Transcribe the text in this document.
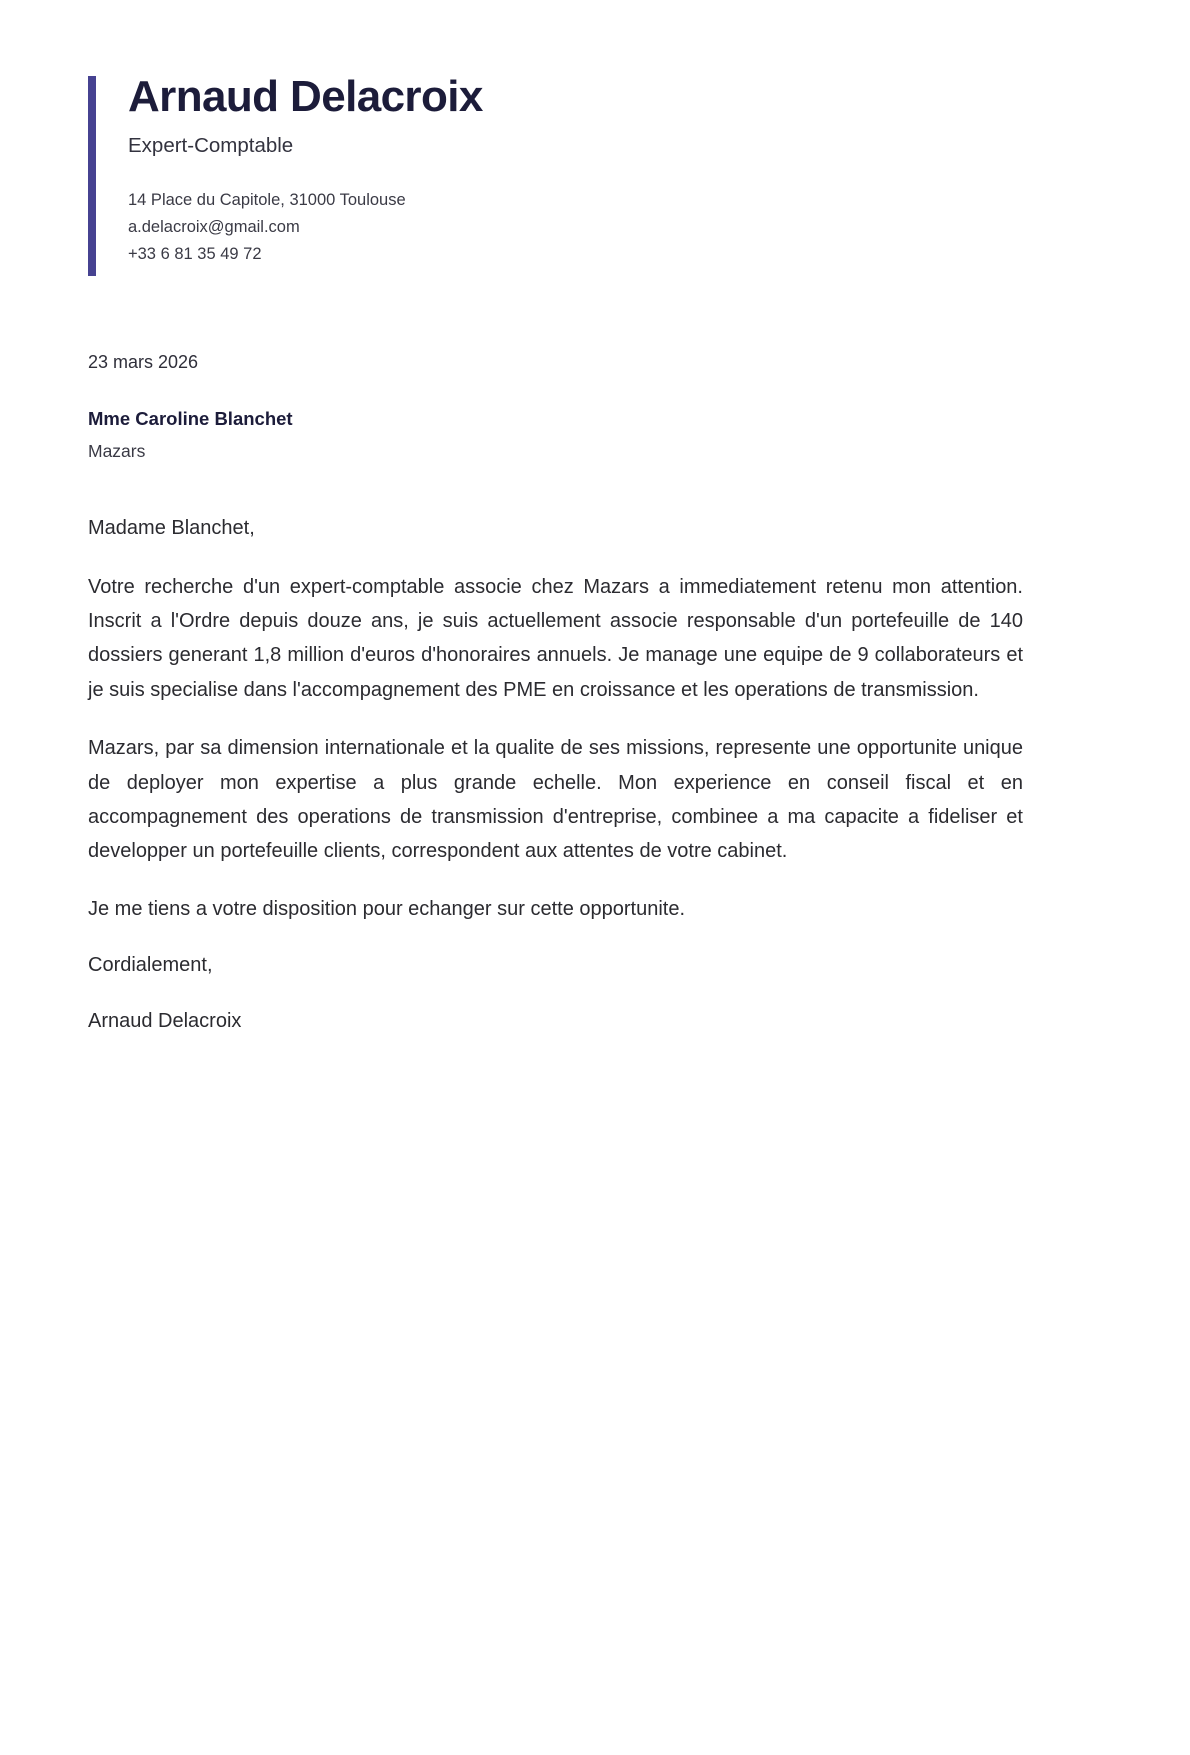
Arnaud Delacroix
Expert-Comptable
14 Place du Capitole, 31000 Toulouse
a.delacroix@gmail.com
+33 6 81 35 49 72
23 mars 2026
Mme Caroline Blanchet
Mazars

Madame Blanchet,

Votre recherche d'un expert-comptable associe chez Mazars a immediatement retenu mon attention. Inscrit a l'Ordre depuis douze ans, je suis actuellement associe responsable d'un portefeuille de 140 dossiers generant 1,8 million d'euros d'honoraires annuels. Je manage une equipe de 9 collaborateurs et je suis specialise dans l'accompagnement des PME en croissance et les operations de transmission.

Mazars, par sa dimension internationale et la qualite de ses missions, represente une opportunite unique de deployer mon expertise a plus grande echelle. Mon experience en conseil fiscal et en accompagnement des operations de transmission d'entreprise, combinee a ma capacite a fideliser et developper un portefeuille clients, correspondent aux attentes de votre cabinet.

Je me tiens a votre disposition pour echanger sur cette opportunite.

Cordialement,

Arnaud Delacroix
